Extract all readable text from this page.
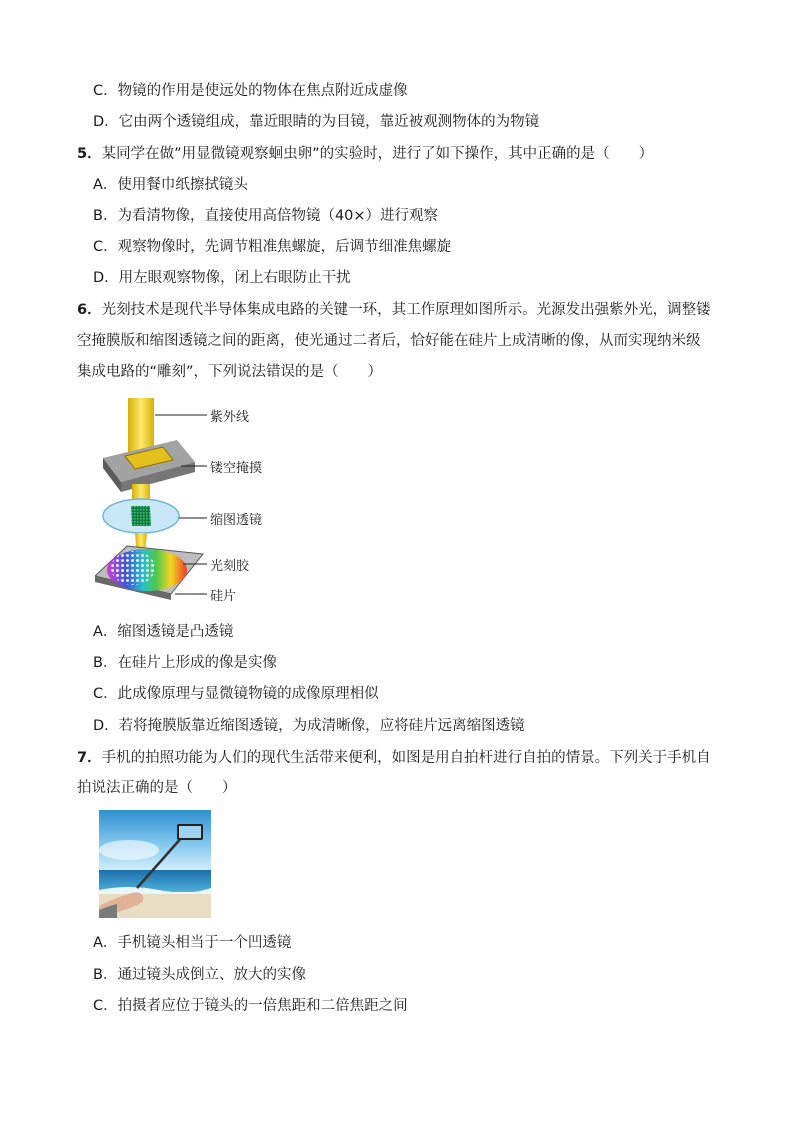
C．物镜的作用是使远处的物体在焦点附近成虚像
D．它由两个透镜组成，靠近眼睛的为目镜，靠近被观测物体的为物镜
5．某同学在做”用显微镜观察蛔虫卵”的实验时，进行了如下操作，其中正确的是（　　）
A．使用餐巾纸擦拭镜头
B．为看清物像，直接使用高倍物镜（40×）进行观察
C．观察物像时，先调节粗准焦螺旋，后调节细准焦螺旋
D．用左眼观察物像，闭上右眼防止干扰
6．光刻技术是现代半导体集成电路的关键一环，其工作原理如图所示。光源发出强紫外光，调整镂
空掩膜版和缩图透镜之间的距离，使光通过二者后，恰好能在硅片上成清晰的像，从而实现纳米级
集成电路的“雕刻”，下列说法错误的是（　　）
紫外线
镂空掩摸
缩图透镜
光刻胶
硅片
A．缩图透镜是凸透镜
B．在硅片上形成的像是实像
C．此成像原理与显微镜物镜的成像原理相似
D．若将掩膜版靠近缩图透镜，为成清晰像，应将硅片远离缩图透镜
7．手机的拍照功能为人们的现代生活带来便利，如图是用自拍杆进行自拍的情景。下列关于手机自
拍说法正确的是（　　）
A．手机镜头相当于一个凹透镜
B．通过镜头成倒立、放大的实像
C．拍摄者应位于镜头的一倍焦距和二倍焦距之间
